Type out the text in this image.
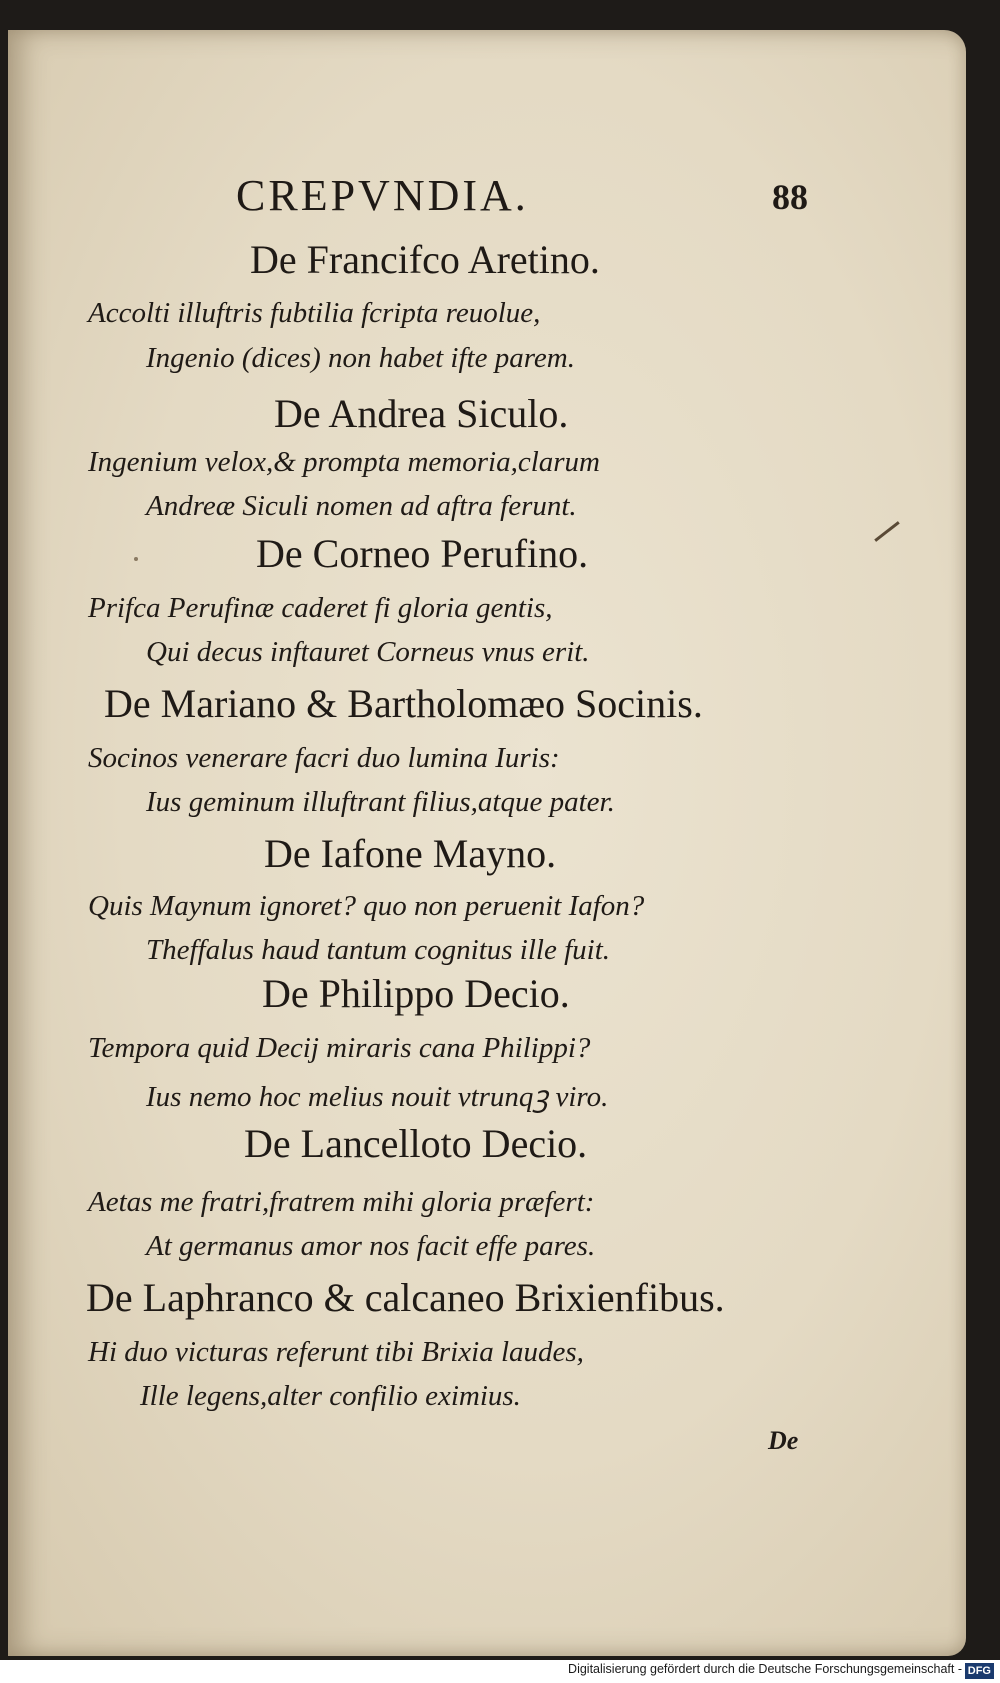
CREPVNDIA.	88
De Francifco Aretino.
Accolti illuftris fubtilia fcripta reuolue,
Ingenio (dices) non habet ifte parem.
De Andrea Siculo.
Ingenium velox,& prompta memoria,clarum
Andreæ Siculi nomen ad aftra ferunt.
De Corneo Perufino.
Prifca Perufinæ caderet fi gloria gentis,
Qui decus inftauret Corneus vnus erit.
De Mariano & Bartholomæo Socinis.
Socinos venerare facri duo lumina Iuris:
Ius geminum illuftrant filius,atque pater.
De Iafone Mayno.
Quis Maynum ignoret? quo non peruenit Iafon?
Theffalus haud tantum cognitus ille fuit.
De Philippo Decio.
Tempora quid Decij miraris cana Philippi?
Ius nemo hoc melius nouit vtrunqꝫ viro.
De Lancelloto Decio.
Aetas me fratri,fratrem mihi gloria præfert:
At germanus amor nos facit effe pares.
De Laphranco & calcaneo Brixienfibus.
Hi duo victuras referunt tibi Brixia laudes,
Ille legens,alter confilio eximius.
De
Digitalisierung gefördert durch die Deutsche Forschungsgemeinschaft - DFG
